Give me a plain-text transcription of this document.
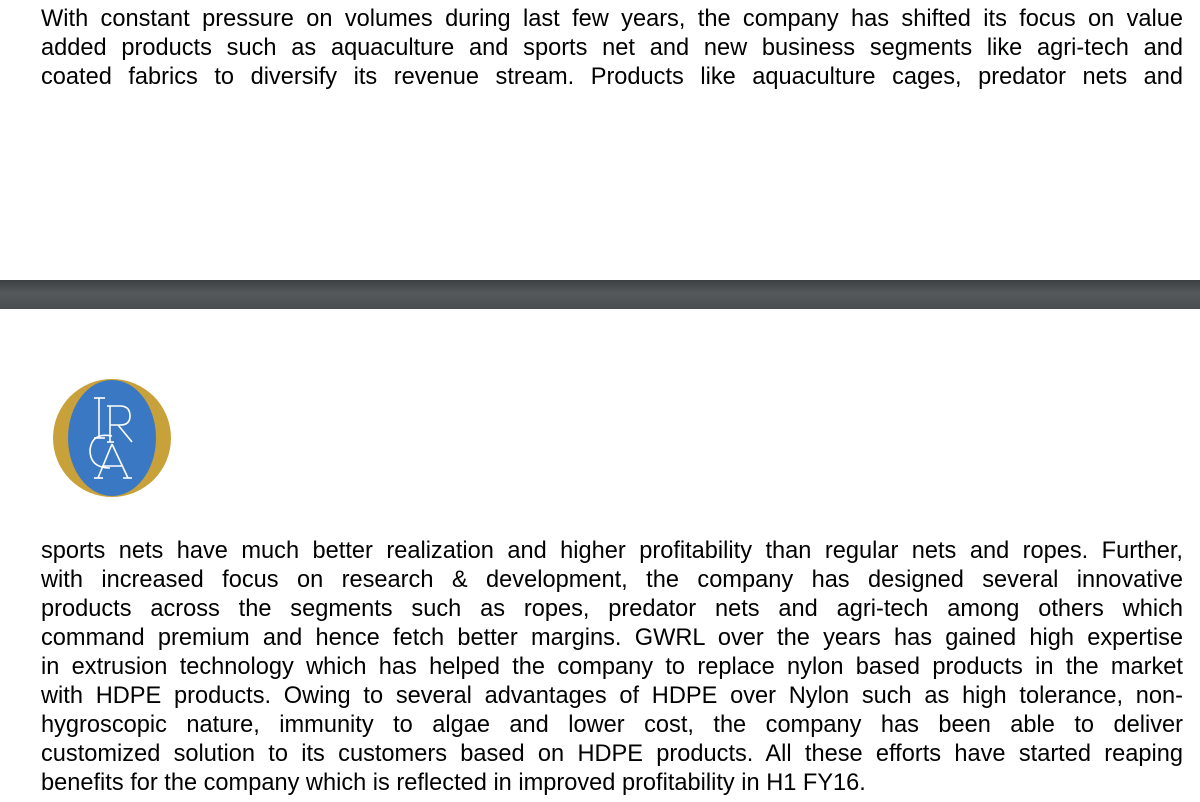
With constant pressure on volumes during last few years, the company has shifted its focus on value
added products such as aquaculture and sports net and new business segments like agri-tech and
coated fabrics to diversify its revenue stream. Products like aquaculture cages, predator nets and
sports nets have much better realization and higher profitability than regular nets and ropes. Further,
with increased focus on research & development, the company has designed several innovative
products across the segments such as ropes, predator nets and agri-tech among others which
command premium and hence fetch better margins. GWRL over the years has gained high expertise
in extrusion technology which has helped the company to replace nylon based products in the market
with HDPE products. Owing to several advantages of HDPE over Nylon such as high tolerance, non-
hygroscopic nature, immunity to algae and lower cost, the company has been able to deliver
customized solution to its customers based on HDPE products. All these efforts have started reaping
benefits for the company which is reflected in improved profitability in H1 FY16.
